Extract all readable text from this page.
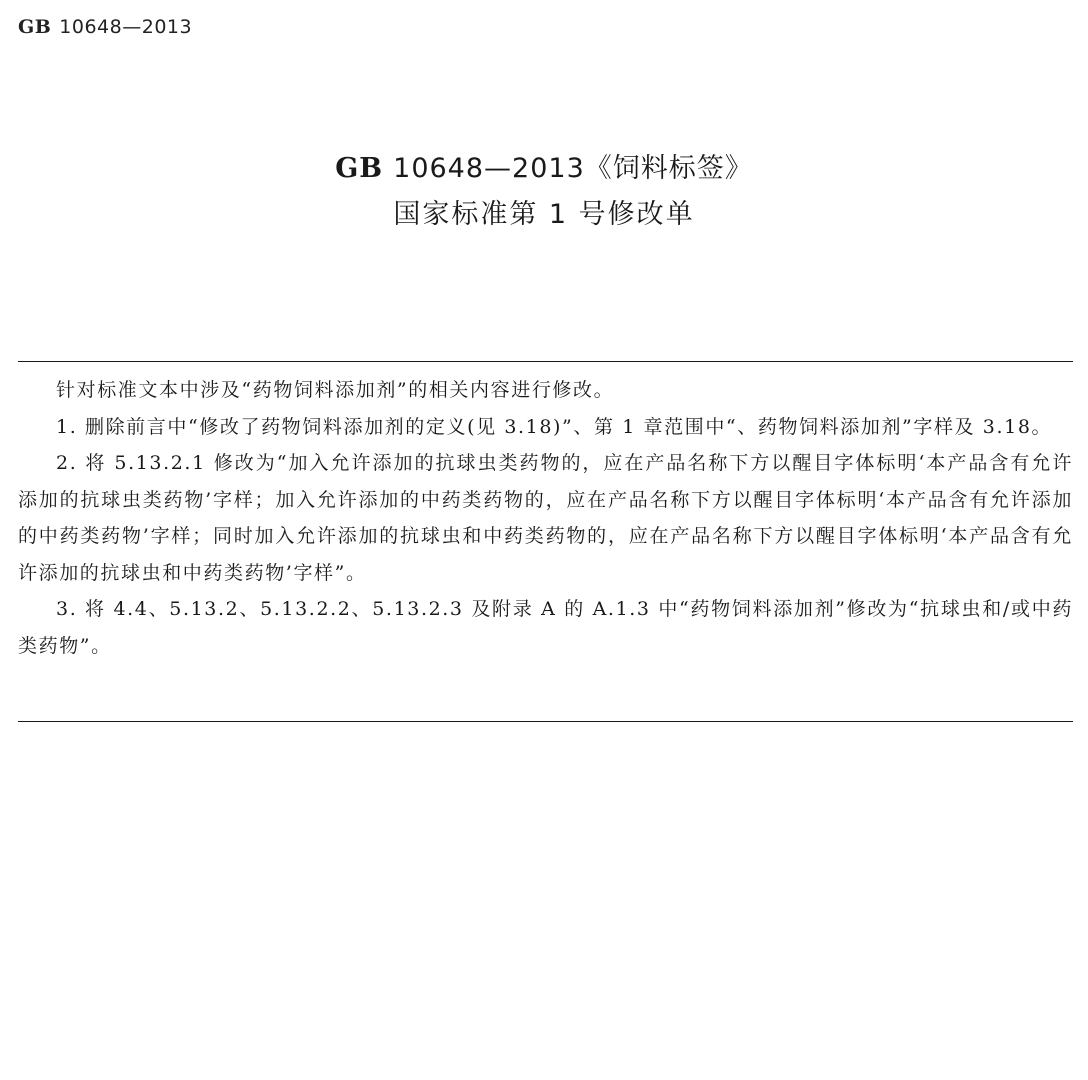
GB 10648—2013
GB 10648—2013《饲料标签》
国家标准第 1 号修改单

针对标准文本中涉及“药物饲料添加剂”的相关内容进行修改。

1. 删除前言中“修改了药物饲料添加剂的定义(见 3.18)”、第 1 章范围中“、药物饲料添加剂”字样及 3.18。

2. 将 5.13.2.1 修改为“加入允许添加的抗球虫类药物的，应在产品名称下方以醒目字体标明‘本产品含有允许添加的抗球虫类药物’字样；加入允许添加的中药类药物的，应在产品名称下方以醒目字体标明‘本产品含有允许添加的中药类药物’字样；同时加入允许添加的抗球虫和中药类药物的，应在产品名称下方以醒目字体标明‘本产品含有允许添加的抗球虫和中药类药物’字样”。

3. 将 4.4、5.13.2、5.13.2.2、5.13.2.3 及附录 A 的 A.1.3 中“药物饲料添加剂”修改为“抗球虫和/或中药类药物”。
